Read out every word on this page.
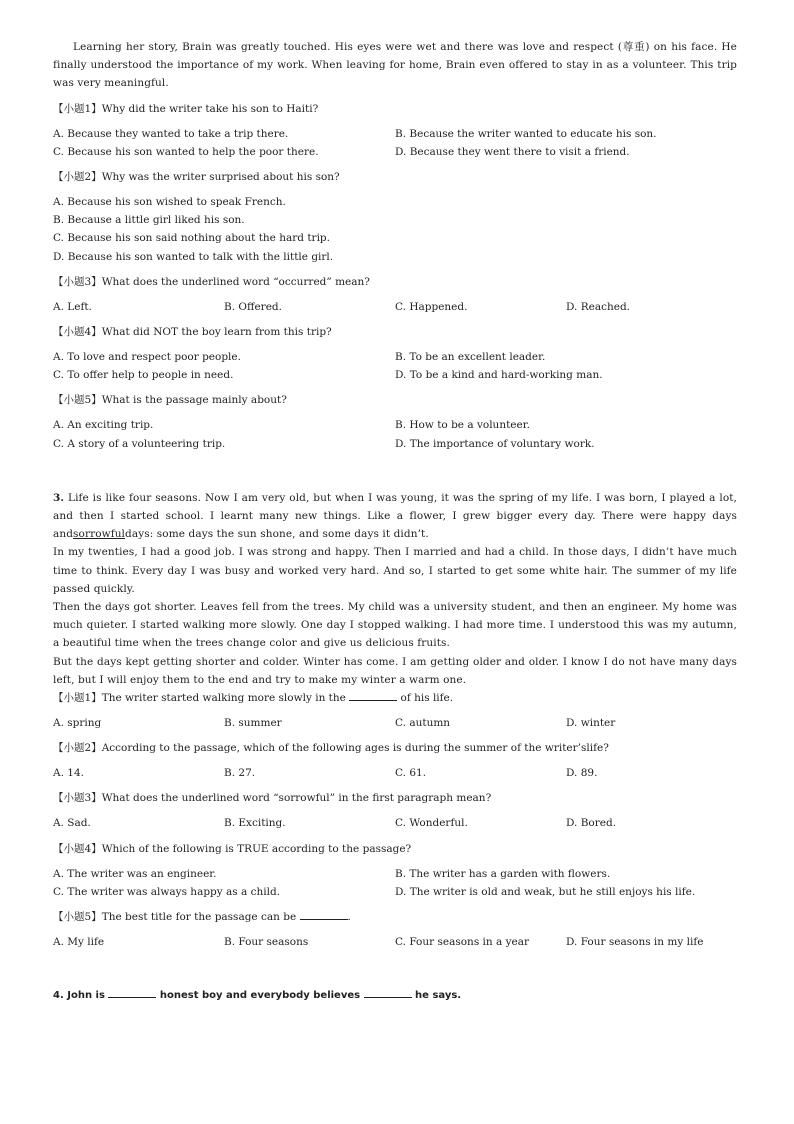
Learning her story, Brain was greatly touched. His eyes were wet and there was love and respect (尊重) on his face. He finally understood the importance of my work. When leaving for home, Brain even offered to stay in as a volunteer. This trip was very meaningful.

【小题1】Why did the writer take his son to Haiti?

A. Because they wanted to take a trip there.	B. Because the writer wanted to educate his son.
C. Because his son wanted to help the poor there.	D. Because they went there to visit a friend.

【小题2】Why was the writer surprised about his son?

A. Because his son wished to speak French.
B. Because a little girl liked his son.
C. Because his son said nothing about the hard trip.
D. Because his son wanted to talk with the little girl.

【小题3】What does the underlined word “occurred” mean?

A. Left.	B. Offered.	C. Happened.	D. Reached.

【小题4】What did NOT the boy learn from this trip?

A. To love and respect poor people.	B. To be an excellent leader.
C. To offer help to people in need.	D. To be a kind and hard-working man.

【小题5】What is the passage mainly about?

A. An exciting trip.	B. How to be a volunteer.
C. A story of a volunteering trip.	D. The importance of voluntary work.

3. Life is like four seasons. Now I am very old, but when I was young, it was the spring of my life. I was born, I played a lot, and then I started school. I learnt many new things. Like a flower, I grew bigger every day. There were happy days andsorrowfuldays: some days the sun shone, and some days it didn’t.

In my twenties, I had a good job. I was strong and happy. Then I married and had a child. In those days, I didn’t have much time to think. Every day I was busy and worked very hard. And so, I started to get some white hair. The summer of my life passed quickly.

Then the days got shorter. Leaves fell from the trees. My child was a university student, and then an engineer. My home was much quieter. I started walking more slowly. One day I stopped walking. I had more time. I understood this was my autumn, a beautiful time when the trees change color and give us delicious fruits.

But the days kept getting shorter and colder. Winter has come. I am getting older and older. I know I do not have many days left, but I will enjoy them to the end and try to make my winter a warm one.

【小题1】The writer started walking more slowly in the	of his life.

A. spring	B. summer	C. autumn	D. winter

【小题2】According to the passage, which of the following ages is during the summer of the writer’slife?

A. 14.	B. 27.	C. 61.	D. 89.

【小题3】What does the underlined word “sorrowful” in the first paragraph mean?

A. Sad.	B. Exciting.	C. Wonderful.	D. Bored.

【小题4】Which of the following is TRUE according to the passage?

A. The writer was an engineer.	B. The writer has a garden with flowers.
C. The writer was always happy as a child.	D. The writer is old and weak, but he still enjoys his life.

【小题5】The best title for the passage can be	.

A. My life	B. Four seasons	C. Four seasons in a year	D. Four seasons in my life

4. John is	honest boy and everybody believes	he says.
